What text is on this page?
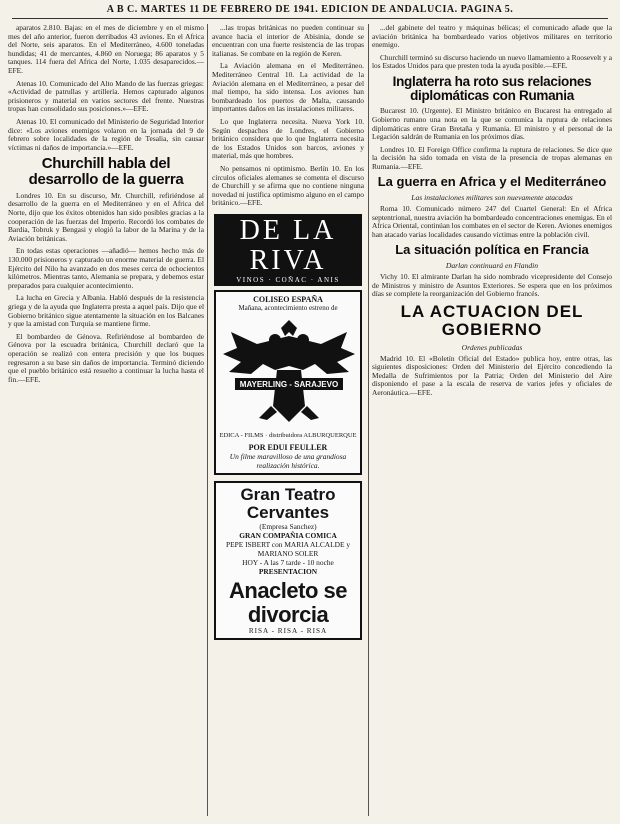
A B C. MARTES 11 DE FEBRERO DE 1941. EDICION DE ANDALUCIA. PAGINA 5.

aparatos 2.810. Bajas: en el mes de diciembre y en el mismo mes del año anterior, fueron derribados 43 aviones. En el Africa del Norte, seis aparatos. En el Mediterráneo, 4.600 toneladas hundidas; 41 de mercantes, 4.860 en Noruega; 86 aparatos y 5 tanques. 114 fuera del Africa del Norte, 1.035 desaparecidos.—EFE.

Atenas 10. Comunicado del Alto Mando de las fuerzas griegas: «Actividad de patrullas y artillería. Hemos capturado algunos prisioneros y material en varios sectores del frente. Nuestras tropas han consolidado sus posiciones.»—EFE.

Atenas 10. El comunicado del Ministerio de Seguridad Interior dice: «Los aviones enemigos volaron en la jornada del 9 de febrero sobre localidades de la región de Tesalia, sin causar víctimas ni daños de importancia.»—EFE.

Churchill habla del desarrollo de la guerra

Londres 10. En su discurso, Mr. Churchill, refiriéndose al desarrollo de la guerra en el Mediterráneo y en el Africa del Norte, dijo que los éxitos obtenidos han sido posibles gracias a la cooperación de las fuerzas del Imperio. Recordó los combates de Bardia, Tobruk y Bengasi y elogió la labor de la Marina y de la Aviación británicas.

En todas estas operaciones —añadió— hemos hecho más de 130.000 prisioneros y capturado un enorme material de guerra. El Ejército del Nilo ha avanzado en dos meses cerca de ochocientos kilómetros. Mientras tanto, Alemania se prepara, y debemos estar preparados para cualquier acontecimiento.

La lucha en Grecia y Albania. Habló después de la resistencia griega y de la ayuda que Inglaterra presta a aquel país. Dijo que el Gobierno británico sigue atentamente la situación en los Balcanes y que la amistad con Turquía se mantiene firme.

El bombardeo de Génova. Refiriéndose al bombardeo de Génova por la escuadra británica, Churchill declaró que la operación se realizó con entera precisión y que los buques regresaron a su base sin daños de importancia. Terminó diciendo que el pueblo británico está resuelto a continuar la lucha hasta el fin.—EFE.

...las tropas británicas no pueden continuar su avance hacia el interior de Abisinia, donde se encuentran con una fuerte resistencia de las tropas italianas. Se combate en la región de Keren.

La Aviación alemana en el Mediterráneo. Mediterráneo Central 10. La actividad de la Aviación alemana en el Mediterráneo, a pesar del mal tiempo, ha sido intensa. Los aviones han bombardeado los puertos de Malta, causando importantes daños en las instalaciones militares.

Lo que Inglaterra necesita. Nueva York 10. Según despachos de Londres, el Gobierno británico considera que lo que Inglaterra necesita de los Estados Unidos son barcos, aviones y material, más que hombres.

No pensamos ni optimismo. Berlín 10. En los círculos oficiales alemanes se comenta el discurso de Churchill y se afirma que no contiene ninguna novedad ni justifica optimismo alguno en el campo británico.—EFE.

DE LA RIVA
VINOS · COÑAC · ANIS
COLISEO ESPAÑA
Mañana, acontecimiento estreno de
MAYERLING - SARAJEVO
EDICA - FILMS · distribuidora ALBURQUERQUE
POR EDUI FEULLER
Un filme maravilloso de una grandiosa realización histórica.
Gran Teatro Cervantes
(Empresa Sanchez)
GRAN COMPAÑIA COMICA
PEPE ISBERT con MARIA ALCALDE y MARIANO SOLER
HOY - A las 7 tarde - 10 noche
PRESENTACION
Anacleto se divorcia
RISA - RISA - RISA

...del gabinete del teatro y máquinas bélicas; el comunicado añade que la aviación británica ha bombardeado varios objetivos militares en territorio enemigo.

Churchill terminó su discurso haciendo un nuevo llamamiento a Roosevelt y a los Estados Unidos para que presten toda la ayuda posible.—EFE.

Inglaterra ha roto sus relaciones diplomáticas con Rumania

Bucarest 10. (Urgente). El Ministro británico en Bucarest ha entregado al Gobierno rumano una nota en la que se comunica la ruptura de relaciones diplomáticas entre Gran Bretaña y Rumania. El ministro y el personal de la Legación saldrán de Rumania en los próximos días.

Londres 10. El Foreign Office confirma la ruptura de relaciones. Se dice que la decisión ha sido tomada en vista de la presencia de tropas alemanas en Rumania.—EFE.

La guerra en Africa y el Mediterráneo
Las instalaciones militares son nuevamente atacadas

Roma 10. Comunicado número 247 del Cuartel General: En el Africa septentrional, nuestra aviación ha bombardeado concentraciones enemigas. En el Africa Oriental, continúan los combates en el sector de Keren. Aviones enemigos han atacado varias localidades causando víctimas entre la población civil.

La situación política en Francia
Darlan continuará en Flandin

Vichy 10. El almirante Darlan ha sido nombrado vicepresidente del Consejo de Ministros y ministro de Asuntos Exteriores. Se espera que en los próximos días se complete la reorganización del Gobierno francés.

LA ACTUACION DEL GOBIERNO
Ordenes publicadas

Madrid 10. El «Boletín Oficial del Estado» publica hoy, entre otras, las siguientes disposiciones: Orden del Ministerio del Ejército concediendo la Medalla de Sufrimientos por la Patria; Orden del Ministerio del Aire disponiendo el pase a la escala de reserva de varios jefes y oficiales de Aeronáutica.—EFE.
